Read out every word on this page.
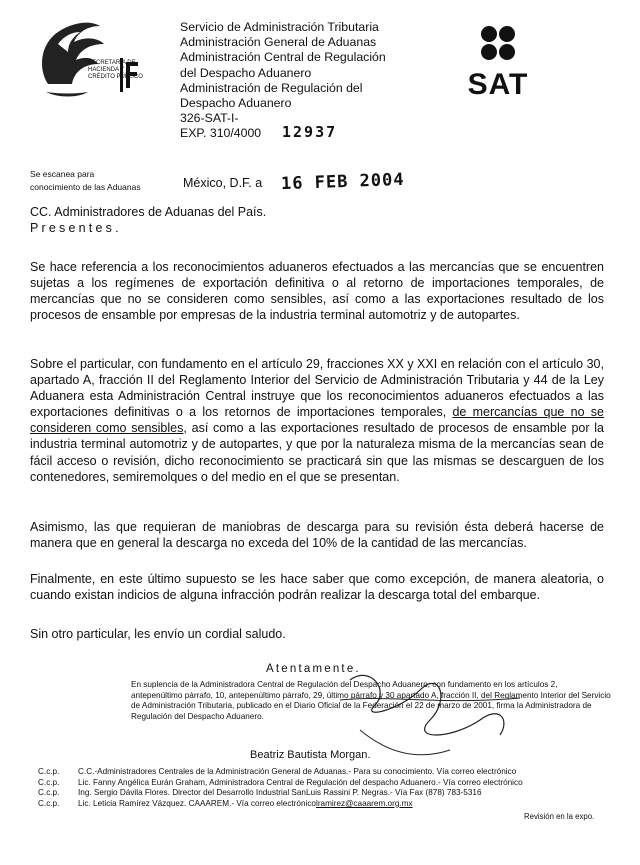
SECRETARÍA DE
HACIENDA Y
CRÉDITO PÚBLICO
Servicio de Administración Tributaria
Administración General de Aduanas
Administración Central de Regulación
del Despacho Aduanero
Administración de Regulación del
Despacho Aduanero
326-SAT-I-
EXP. 310/4000	12937
SAT
Se escanea para
conocimiento de las Aduanas	México, D.F. a 16 FEB 2004
CC. Administradores de Aduanas del País.
Presentes.
Se hace referencia a los reconocimientos aduaneros efectuados a las mercancías que se encuentren sujetas a los regímenes de exportación definitiva o al retorno de importaciones temporales, de mercancías que no se consideren como sensibles, así como a las exportaciones resultado de los procesos de ensamble por empresas de la industria terminal automotriz y de autopartes.
Sobre el particular, con fundamento en el artículo 29, fracciones XX y XXI en relación con el artículo 30, apartado A, fracción II del Reglamento Interior del Servicio de Administración Tributaria y 44 de la Ley Aduanera esta Administración Central instruye que los reconocimientos aduaneros efectuados a las exportaciones definitivas o a los retornos de importaciones temporales, de mercancías que no se consideren como sensibles, así como a las exportaciones resultado de procesos de ensamble por la industria terminal automotriz y de autopartes, y que por la naturaleza misma de la mercancías sean de fácil acceso o revisión, dicho reconocimiento se practicará sin que las mismas se descarguen de los contenedores, semiremolques o del medio en el que se presentan.
Asimismo, las que requieran de maniobras de descarga para su revisión ésta deberá hacerse de manera que en general la descarga no exceda del 10% de la cantidad de las mercancías.
Finalmente, en este último supuesto se les hace saber que como excepción, de manera aleatoria, o cuando existan indicios de alguna infracción podrán realizar la descarga total del embarque.
Sin otro particular, les envío un cordial saludo.
Atentamente.
En suplencia de la Administradora Central de Regulación del Despacho Aduanero, con fundamento en los artículos 2, antepenúltimo párrafo, 10, antepenúltimo párrafo, 29, último párrafo y 30 apartado A, fracción II, del Reglamento Interior del Servicio de Administración Tributaria, publicado en el Diario Oficial de la Federación el 22 de marzo de 2001, firma la Administradora de Regulación del Despacho Aduanero.
Beatriz Bautista Morgan.
C.c.p.	C.C.-Administradores Centrales de la Administración General de Aduanas.- Para su conocimiento. Vía correo electrónico
C.c.p.	Lic. Fanny Angélica Eurán Graham, Administradora Central de Regulación del despacho Aduanero.- Vía correo electrónico
C.c.p.	Ing. Sergio Dávila Flores. Director del Desarrollo Industrial SanLuis Rassini P. Negras.- Vía Fax (878) 783-5316
C.c.p.	Lic. Leticia Ramírez Vázquez. CAAAREM.- Vía correo electrónico lramirez@caaarem.org.mx
Revisión en la expo.
